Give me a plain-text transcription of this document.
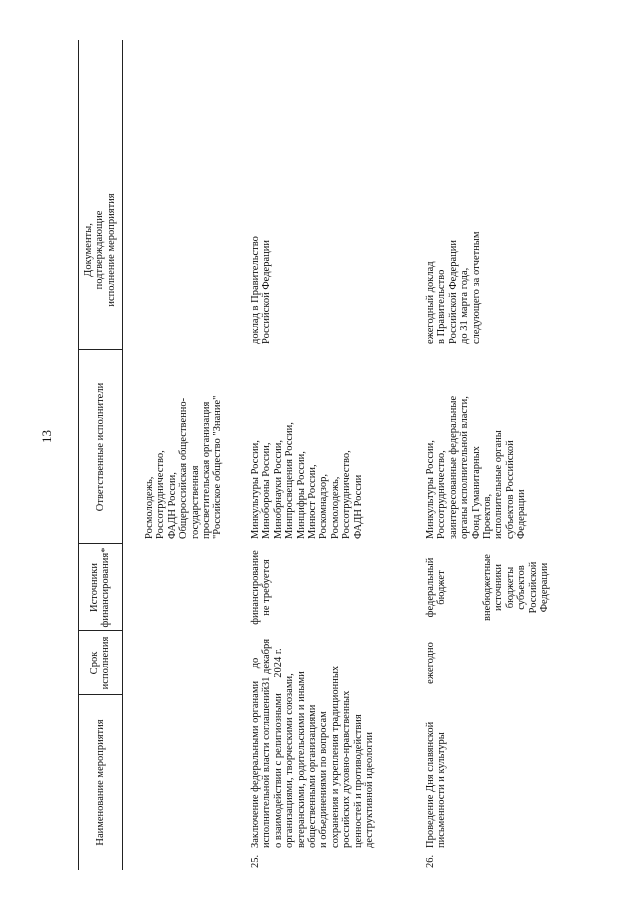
13
Наименование мероприятия
Срок исполнения
Источники финансирования*
Ответственные исполнители
Документы, подтверждающие исполнение мероприятия
Росмолодежь, Россотрудничество, ФАДН России, Общероссийская общественно- государственная просветительская организация "Российское общество "Знание"
25.
Заключение федеральными органами исполнительной власти соглашений о взаимодействии с религиозными организациями, творческими союзами, ветеранскими, родительскими и иными общественными организациями и объединениями по вопросам сохранения и укрепления традиционных российских духовно-нравственных ценностей и противодействия деструктивной идеологии
до 31 декабря 2024 г.
финансирование не требуется
Минкультуры России, Минобороны России, Минобрнауки России, Минпросвещения России, Минцифры России, Минюст России, Роскомнадзор, Росмолодежь, Россотрудничество, ФАДН России
доклад в Правительство Российской Федерации
26.
Проведение Дня славянской письменности и культуры
ежегодно
федеральный бюджет	внебюджетные источники бюджеты субъектов Российской Федерации
Минкультуры России, Россотрудничество, заинтересованные федеральные органы исполнительной власти, Фонд Гуманитарных Проектов, исполнительные органы субъектов Российской Федерации
ежегодный доклад в Правительство Российской Федерации до 31 марта года, следующего за отчетным
